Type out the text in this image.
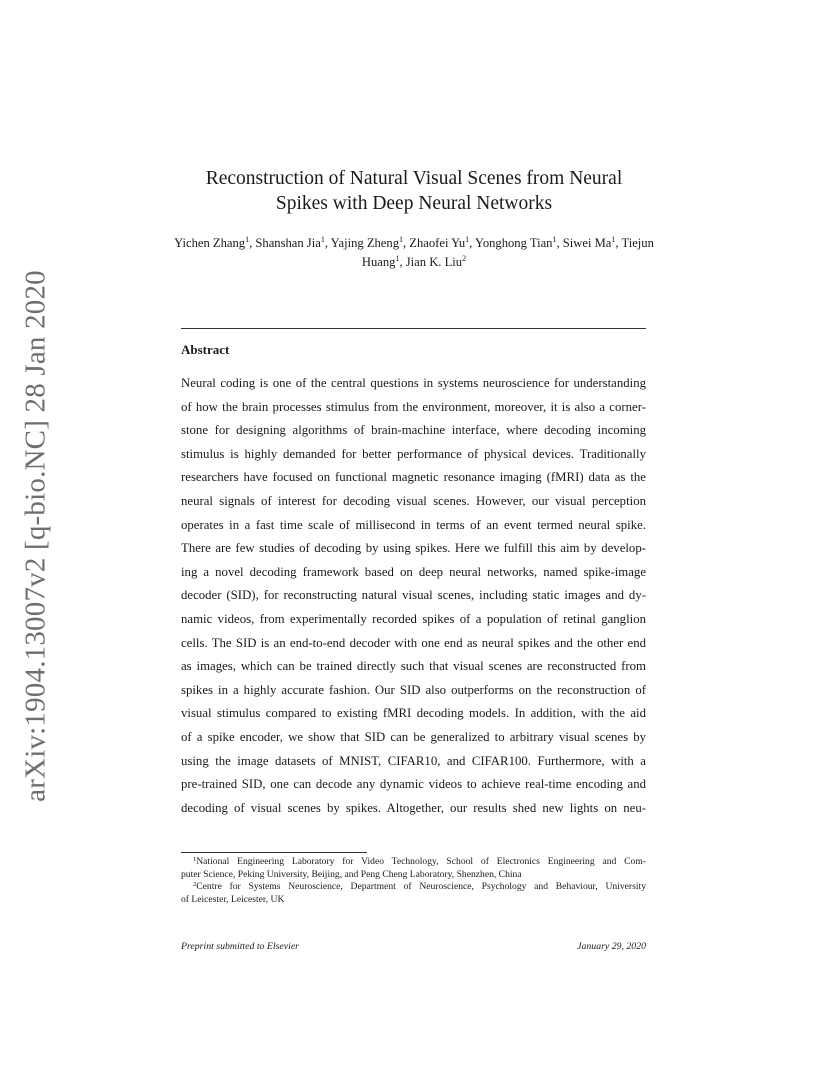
arXiv:1904.13007v2 [q-bio.NC] 28 Jan 2020
Reconstruction of Natural Visual Scenes from Neural
Spikes with Deep Neural Networks
Yichen Zhang$^1$, Shanshan Jia$^1$, Yajing Zheng$^1$, Zhaofei Yu$^1$, Yonghong Tian$^1$, Siwei Ma$^1$, Tiejun Huang$^1$, Jian K. Liu$^2$
Abstract
Neural coding is one of the central questions in systems neuroscience for understanding
of how the brain processes stimulus from the environment, moreover, it is also a corner-
stone for designing algorithms of brain-machine interface, where decoding incoming
stimulus is highly demanded for better performance of physical devices. Traditionally
researchers have focused on functional magnetic resonance imaging (fMRI) data as the
neural signals of interest for decoding visual scenes. However, our visual perception
operates in a fast time scale of millisecond in terms of an event termed neural spike.
There are few studies of decoding by using spikes. Here we fulfill this aim by develop-
ing a novel decoding framework based on deep neural networks, named spike-image
decoder (SID), for reconstructing natural visual scenes, including static images and dy-
namic videos, from experimentally recorded spikes of a population of retinal ganglion
cells. The SID is an end-to-end decoder with one end as neural spikes and the other end
as images, which can be trained directly such that visual scenes are reconstructed from
spikes in a highly accurate fashion. Our SID also outperforms on the reconstruction of
visual stimulus compared to existing fMRI decoding models. In addition, with the aid
of a spike encoder, we show that SID can be generalized to arbitrary visual scenes by
using the image datasets of MNIST, CIFAR10, and CIFAR100. Furthermore, with a
pre-trained SID, one can decode any dynamic videos to achieve real-time encoding and
decoding of visual scenes by spikes. Altogether, our results shed new lights on neu-
$^1$National Engineering Laboratory for Video Technology, School of Electronics Engineering and Com-
puter Science, Peking University, Beijing, and Peng Cheng Laboratory, Shenzhen, China
$^2$Centre for Systems Neuroscience, Department of Neuroscience, Psychology and Behaviour, University
of Leicester, Leicester, UK
Preprint submitted to Elsevier	January 29, 2020
